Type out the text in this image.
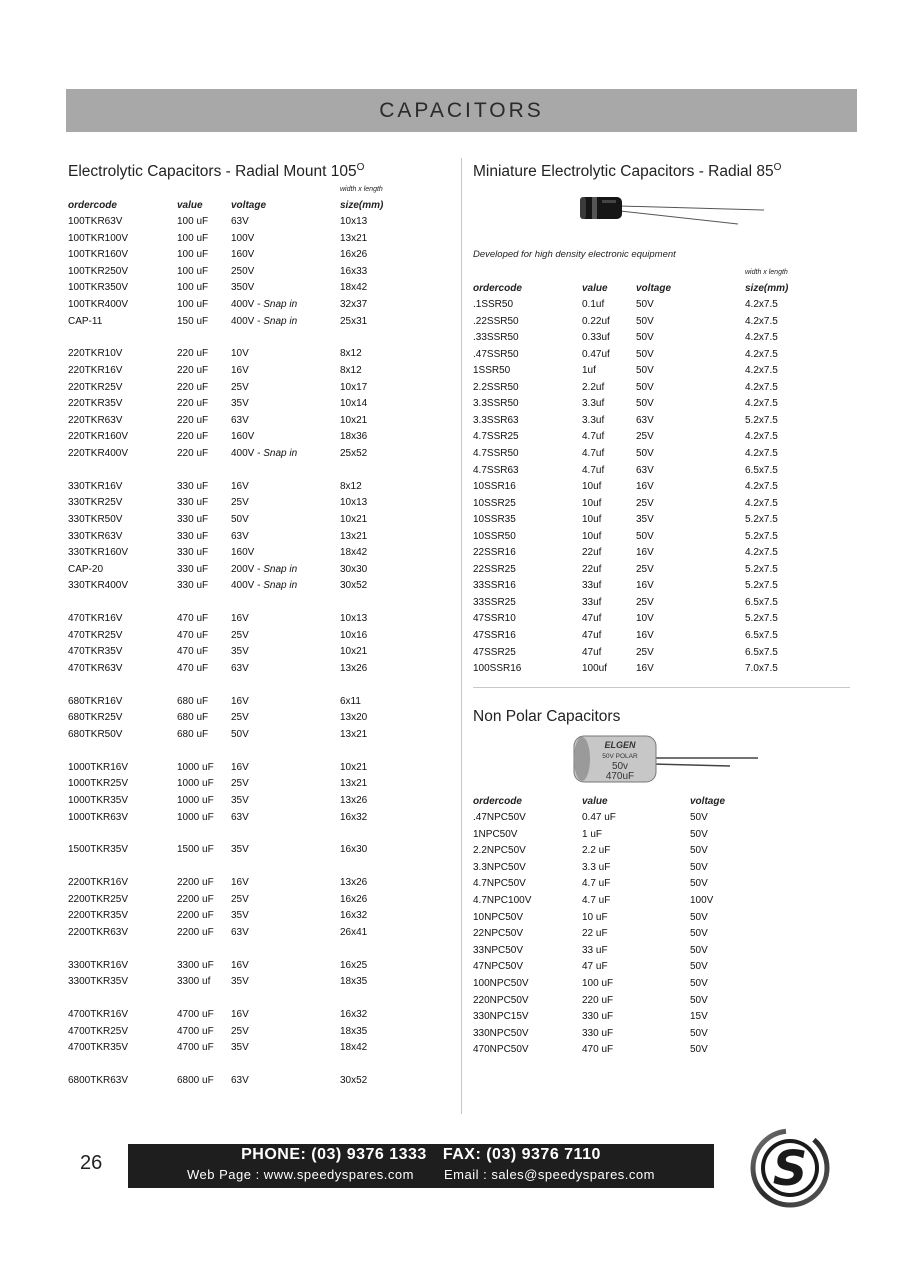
CAPACITORS
Electrolytic Capacitors - Radial Mount $105^O$
width x length
ordercode	value	voltage	size(mm)
100TKR63V	100 uF 63V	10x13
100TKR100V	100 uF 100V	13x21
100TKR160V	100 uF 160V	16x26
100TKR250V	100 uF 250V	16x33
100TKR350V	100 uF 350V	18x42
100TKR400V	100 uF 400V - Snap in	32x37
CAP-11	150 uF 400V - Snap in	25x31
220TKR10V	220 uF 10V	8x12
220TKR16V	220 uF 16V	8x12
220TKR25V	220 uF 25V	10x17
220TKR35V	220 uF 35V	10x14
220TKR63V	220 uF 63V	10x21
220TKR160V	220 uF 160V	18x36
220TKR400V	220 uF 400V - Snap in	25x52
330TKR16V	330 uF 16V	8x12
330TKR25V	330 uF 25V	10x13
330TKR50V	330 uF 50V	10x21
330TKR63V	330 uF 63V	13x21
330TKR160V	330 uF 160V	18x42
CAP-20	330 uF 200V - Snap in	30x30
330TKR400V	330 uF 400V - Snap in	30x52
470TKR16V	470 uF 16V	10x13
470TKR25V	470 uF 25V	10x16
470TKR35V	470 uF 35V	10x21
470TKR63V	470 uF 63V	13x26
680TKR16V	680 uF 16V	6x11
680TKR25V	680 uF 25V	13x20
680TKR50V	680 uF 50V	13x21
1000TKR16V	1000 uF 16V	10x21
1000TKR25V	1000 uF 25V	13x21
1000TKR35V	1000 uF 35V	13x26
1000TKR63V	1000 uF 63V	16x32
1500TKR35V	1500 uF 35V	16x30
2200TKR16V	2200 uF 16V	13x26
2200TKR25V	2200 uF 25V	16x26
2200TKR35V	2200 uF 35V	16x32
2200TKR63V	2200 uF 63V	26x41
3300TKR16V	3300 uF 16V	16x25
3300TKR35V	3300 uf 35V	18x35
4700TKR16V	4700 uF 16V	16x32
4700TKR25V	4700 uF 25V	18x35
4700TKR35V	4700 uF 35V	18x42
6800TKR63V	6800 uF 63V	30x52
Miniature Electrolytic Capacitors - Radial $85^O$
Developed for high density electronic equipment
width x length
ordercode	value	voltage	size(mm)
.1SSR50	0.1uf	50V	4.2x7.5
.22SSR50	0.22uf	50V	4.2x7.5
.33SSR50	0.33uf	50V	4.2x7.5
.47SSR50	0.47uf	50V	4.2x7.5
1SSR50	1uf	50V	4.2x7.5
2.2SSR50	2.2uf	50V	4.2x7.5
3.3SSR50	3.3uf	50V	4.2x7.5
3.3SSR63	3.3uf	63V	5.2x7.5
4.7SSR25	4.7uf	25V	4.2x7.5
4.7SSR50	4.7uf	50V	4.2x7.5
4.7SSR63	4.7uf	63V	6.5x7.5
10SSR16	10uf	16V	4.2x7.5
10SSR25	10uf	25V	4.2x7.5
10SSR35	10uf	35V	5.2x7.5
10SSR50	10uf	50V	5.2x7.5
22SSR16	22uf	16V	4.2x7.5
22SSR25	22uf	25V	5.2x7.5
33SSR16	33uf	16V	5.2x7.5
33SSR25	33uf	25V	6.5x7.5
47SSR10	47uf	10V	5.2x7.5
47SSR16	47uf	16V	6.5x7.5
47SSR25	47uf	25V	6.5x7.5
100SSR16	100uf	16V	7.0x7.5
Non Polar Capacitors
ELGEN
50V POLAR
50v
470uF
ordercode	value	voltage
.47NPC50V	0.47 uF	50V
1NPC50V	1 uF	50V
2.2NPC50V	2.2 uF	50V
3.3NPC50V	3.3 uF	50V
4.7NPC50V	4.7 uF	50V
4.7NPC100V	4.7 uF	100V
10NPC50V	10 uF	50V
22NPC50V	22 uF	50V
33NPC50V	33 uF	50V
47NPC50V	47 uF	50V
100NPC50V	100 uF	50V
220NPC50V	220 uF	50V
330NPC15V	330 uF	15V
330NPC50V	330 uF	50V
470NPC50V	470 uF	50V
26	PHONE: (03) 9376 1333 FAX: (03) 9376 7110
Web Page : www.speedyspares.com Email : sales@speedyspares.com	S
